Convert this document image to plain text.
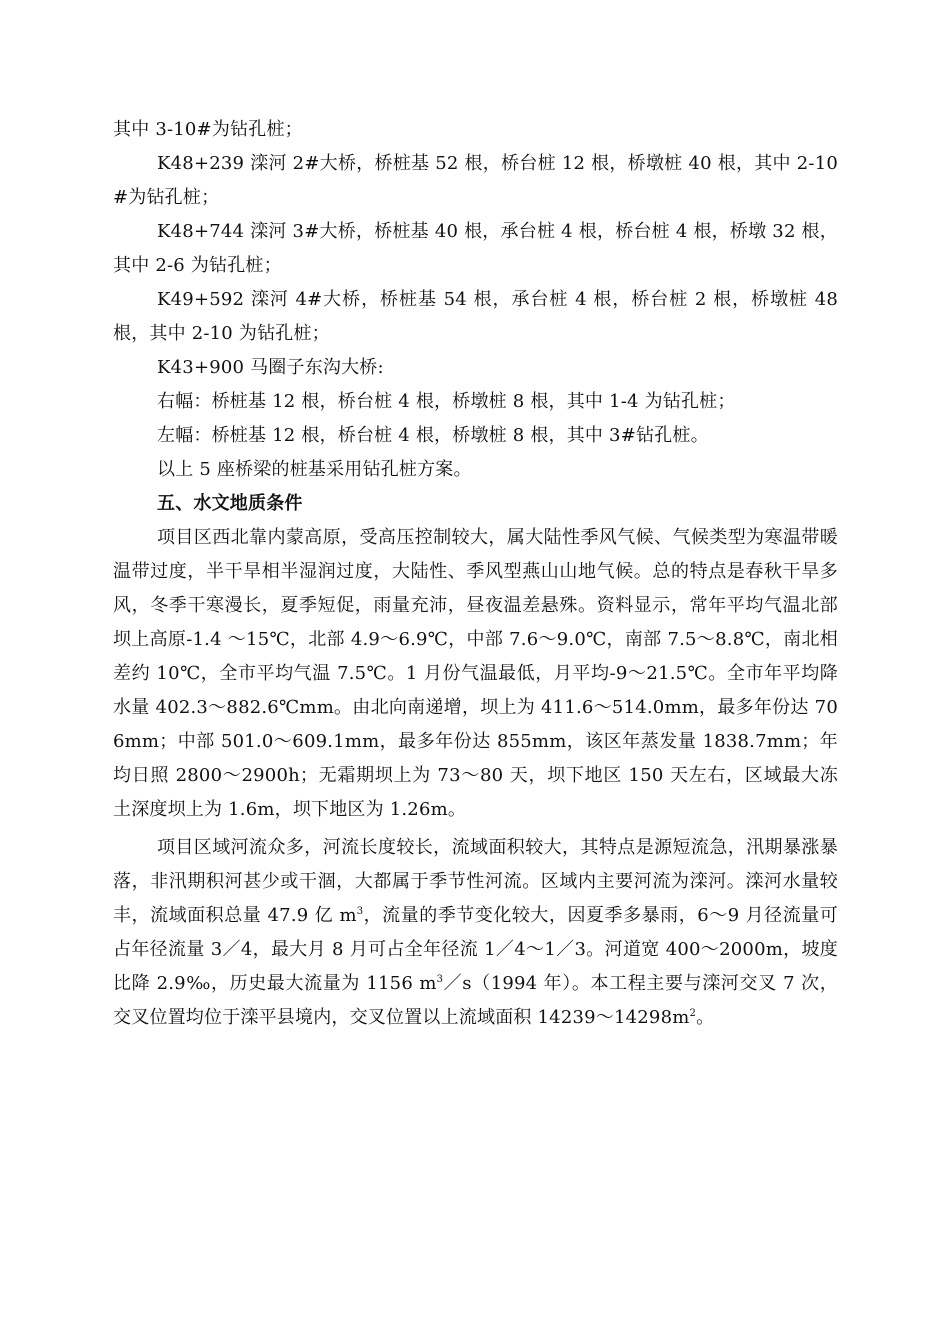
其中 3-10#为钻孔桩；

K48+239 滦河 2#大桥，桥桩基 52 根，桥台桩 12 根，桥墩桩 40 根，其中 2-10#为钻孔桩；

K48+744 滦河 3#大桥，桥桩基 40 根，承台桩 4 根，桥台桩 4 根，桥墩 32 根，其中 2-6 为钻孔桩；

K49+592 滦河 4#大桥，桥桩基 54 根，承台桩 4 根，桥台桩 2 根，桥墩桩 48 根，其中 2-10 为钻孔桩；

K43+900 马圈子东沟大桥:

右幅：桥桩基 12 根，桥台桩 4 根，桥墩桩 8 根，其中 1-4 为钻孔桩；

左幅：桥桩基 12 根，桥台桩 4 根，桥墩桩 8 根，其中 3#钻孔桩。

以上 5 座桥梁的桩基采用钻孔桩方案。

五、水文地质条件

项目区西北靠内蒙高原，受高压控制较大，属大陆性季风气候、气候类型为寒温带暖温带过度，半干旱相半湿润过度，大陆性、季风型燕山山地气候。总的特点是春秋干旱多风，冬季干寒漫长，夏季短促，雨量充沛，昼夜温差悬殊。资料显示，常年平均气温北部坝上高原-1.4 ～15℃，北部 4.9～6.9℃，中部 7.6～9.0℃，南部 7.5～8.8℃，南北相差约 10℃，全市平均气温 7.5℃。1 月份气温最低，月平均-9～21.5℃。全市年平均降水量 402.3～882.6℃mm。由北向南递增，坝上为 411.6～514.0mm，最多年份达 706mm；中部 501.0～609.1mm，最多年份达 855mm，该区年蒸发量 1838.7mm；年均日照 2800～2900h；无霜期坝上为 73～80 天，坝下地区 150 天左右，区域最大冻土深度坝上为 1.6m，坝下地区为 1.26m。

项目区域河流众多，河流长度较长，流域面积较大，其特点是源短流急，汛期暴涨暴落，非汛期积河甚少或干涸，大都属于季节性河流。区域内主要河流为滦河。滦河水量较丰，流域面积总量 47.9 亿 $m^3$，流量的季节变化较大，因夏季多暴雨，6～9 月径流量可占年径流量 3／4，最大月 8 月可占全年径流 1／4～1／3。河道宽 400～2000m，坡度比降 2.9‰，历史最大流量为 1156 $m^3/s(1994$ 年）。本工程主要与滦河交叉 7 次，交叉位置均位于滦平县境内，交叉位置以上流域面积 $14239\sim 14298m^2$。
